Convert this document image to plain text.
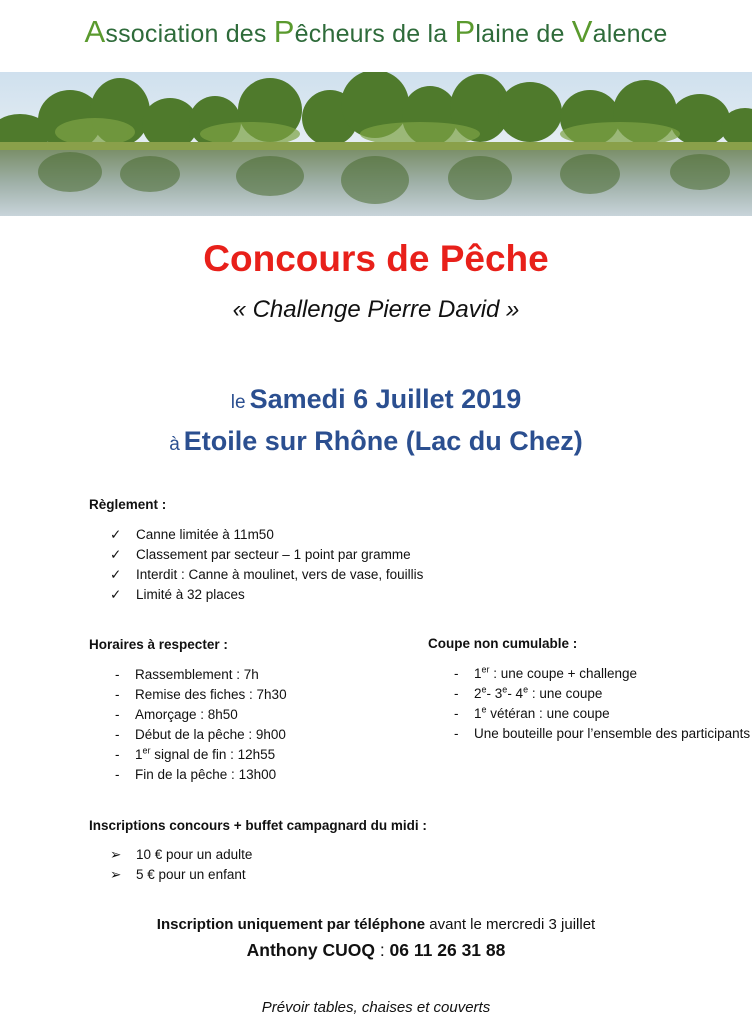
Association des Pêcheurs de la Plaine de Valence
Concours de Pêche
« Challenge Pierre David »
le Samedi 6 Juillet 2019
à Etoile sur Rhône (Lac du Chez)
Règlement :
✓	Canne limitée à 11m50
✓	Classement par secteur – 1 point par gramme
✓	Interdit : Canne à moulinet, vers de vase, fouillis
✓	Limité à 32 places
Horaires à respecter :
-	Rassemblement : 7h
-	Remise des fiches : 7h30
-	Amorçage : 8h50
-	Début de la pêche : 9h00
-	1er signal de fin : 12h55
-	Fin de la pêche : 13h00
Coupe non cumulable :
-	1er : une coupe + challenge
-	2e- 3e- 4e : une coupe
-	1e vétéran : une coupe
-	Une bouteille pour l’ensemble des participants
Inscriptions concours + buffet campagnard du midi :
➢	10 € pour un adulte
➢	5 € pour un enfant
Inscription uniquement par téléphone avant le mercredi 3 juillet
Anthony CUOQ : 06 11 26 31 88
Prévoir tables, chaises et couverts
